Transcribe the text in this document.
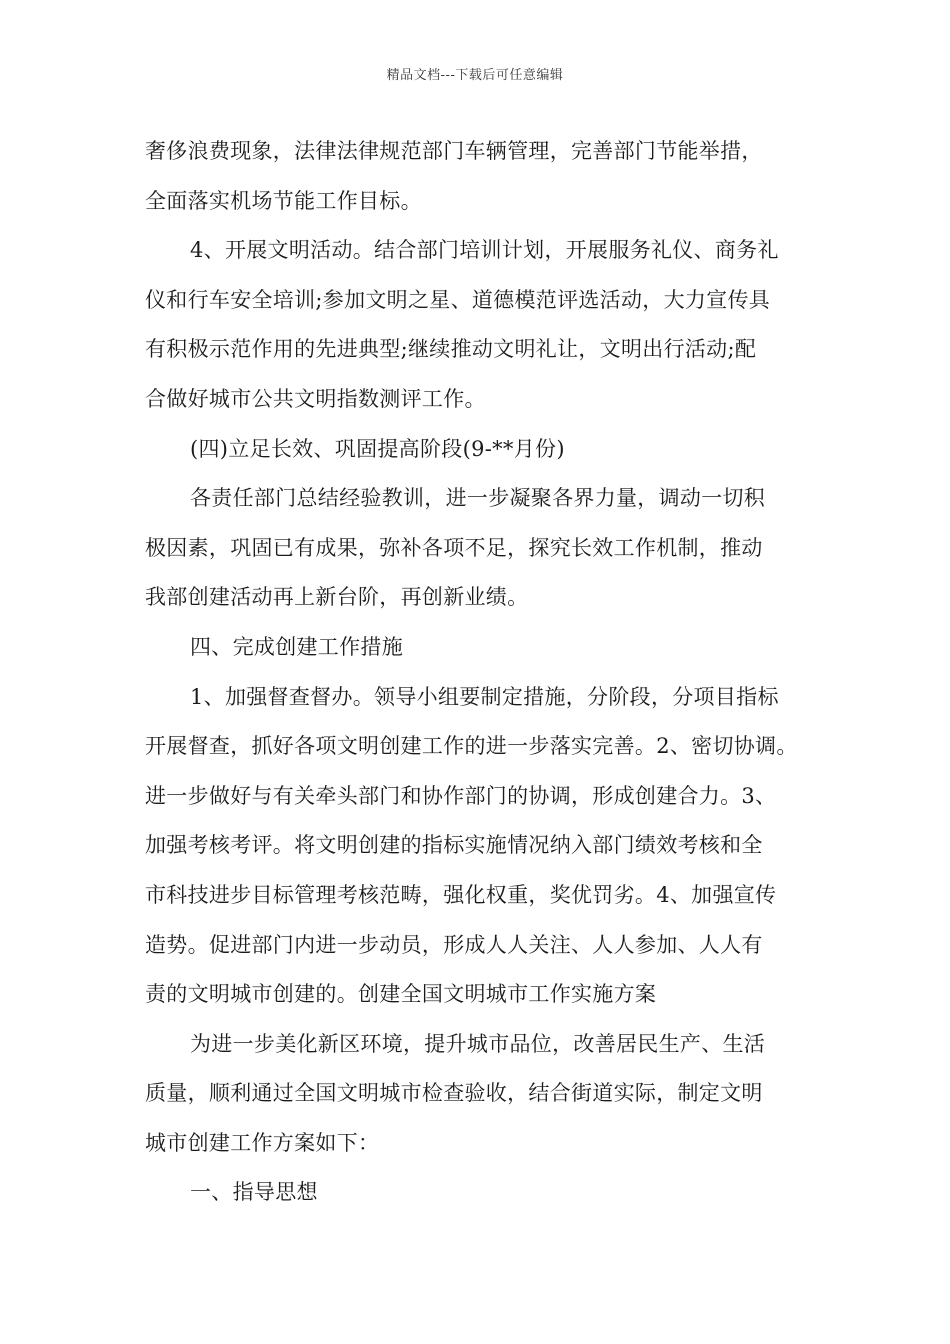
精品文档---下载后可任意编辑
奢侈浪费现象，法律法律规范部门车辆管理，完善部门节能举措，
全面落实机场节能工作目标。
4、开展文明活动。结合部门培训计划，开展服务礼仪、商务礼
仪和行车安全培训;参加文明之星、道德模范评选活动，大力宣传具
有积极示范作用的先进典型;继续推动文明礼让，文明出行活动;配
合做好城市公共文明指数测评工作。
(四)立足长效、巩固提高阶段(9-**月份)
各责任部门总结经验教训，进一步凝聚各界力量，调动一切积
极因素，巩固已有成果，弥补各项不足，探究长效工作机制，推动
我部创建活动再上新台阶，再创新业绩。
四、完成创建工作措施
1、加强督查督办。领导小组要制定措施，分阶段，分项目指标
开展督查，抓好各项文明创建工作的进一步落实完善。2、密切协调。
进一步做好与有关牵头部门和协作部门的协调，形成创建合力。3、
加强考核考评。将文明创建的指标实施情况纳入部门绩效考核和全
市科技进步目标管理考核范畴，强化权重，奖优罚劣。4、加强宣传
造势。促进部门内进一步动员，形成人人关注、人人参加、人人有
责的文明城市创建的。创建全国文明城市工作实施方案
为进一步美化新区环境，提升城市品位，改善居民生产、生活
质量，顺利通过全国文明城市检查验收，结合街道实际，制定文明
城市创建工作方案如下：
一、指导思想
